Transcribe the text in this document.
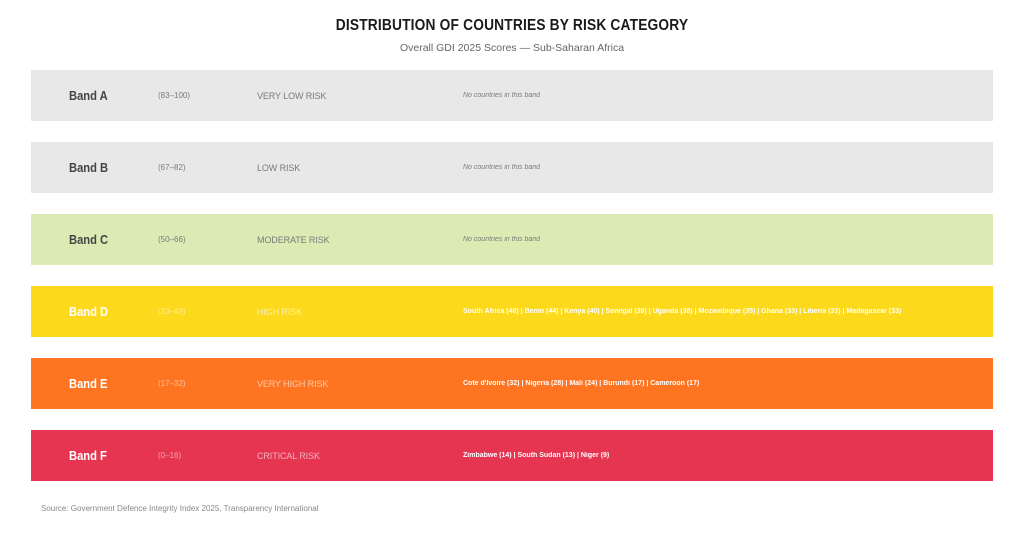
DISTRIBUTION OF COUNTRIES BY RISK CATEGORY
Overall GDI 2025 Scores — Sub-Saharan Africa
Band A	(83–100)	VERY LOW RISK	No countries in this band
Band B	(67–82)	LOW RISK	No countries in this band
Band C	(50–66)	MODERATE RISK	No countries in this band
Band D	(33–49)	HIGH RISK	South Africa (48) | Benin (44) | Kenya (40) | Senegal (39) | Uganda (38) | Mozambique (35) | Ghana (33) | Liberia (33) | Madagascar (33)
Band E	(17–32)	VERY HIGH RISK	Cote d'Ivoire (32) | Nigeria (28) | Mali (24) | Burundi (17) | Cameroon (17)
Band F	(0–16)	CRITICAL RISK	Zimbabwe (14) | South Sudan (13) | Niger (9)
Source: Government Defence Integrity Index 2025, Transparency International
